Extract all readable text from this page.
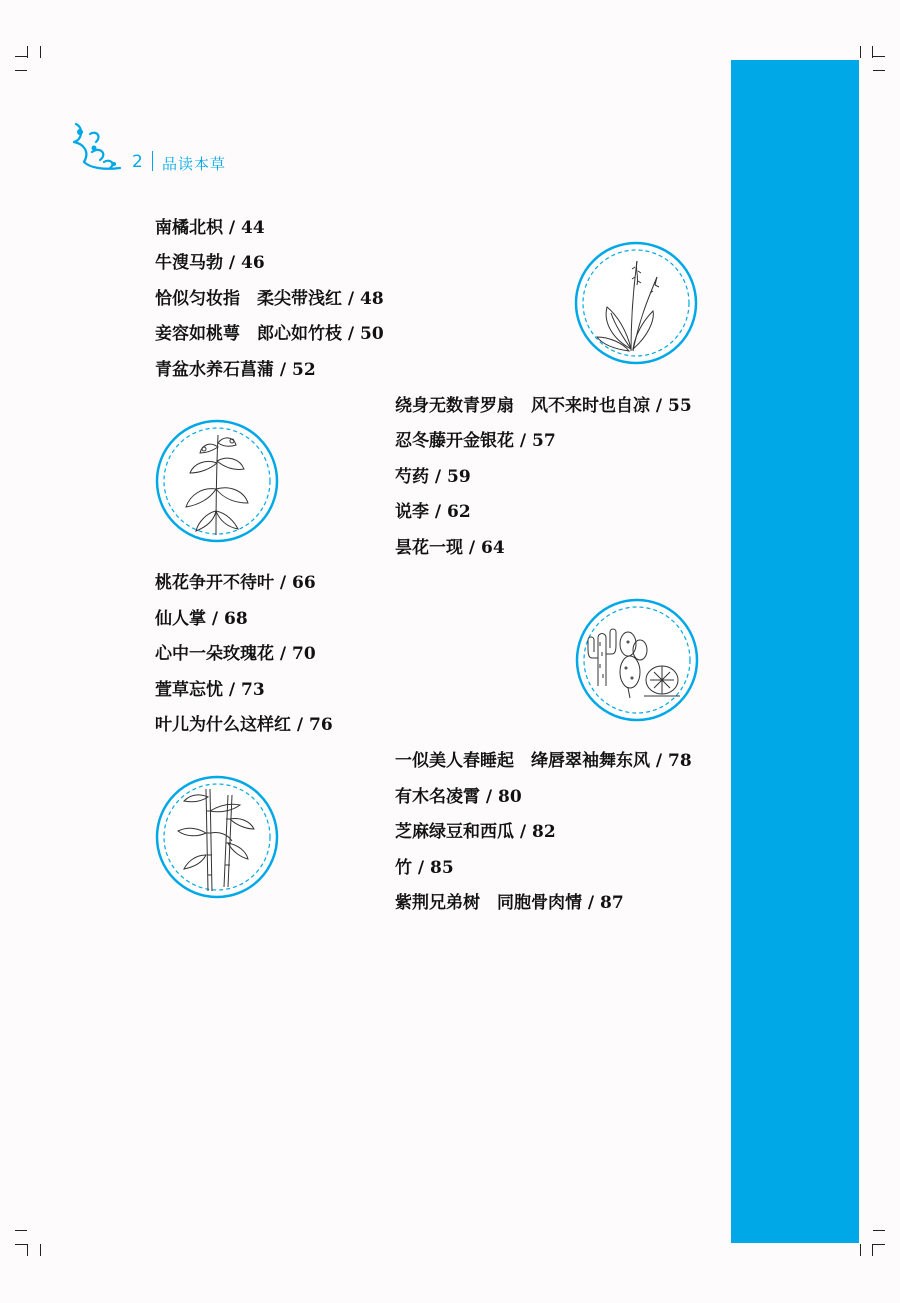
2 品读本草
南橘北枳 / 44
牛溲马勃 / 46
恰似匀妆指　柔尖带浅红 / 48
妾容如桃萼　郎心如竹枝 / 50
青盆水养石菖蒲 / 52
绕身无数青罗扇　风不来时也自凉 / 55
忍冬藤开金银花 / 57
芍药 / 59
说李 / 62
昙花一现 / 64
桃花争开不待叶 / 66
仙人掌 / 68
心中一朵玫瑰花 / 70
萱草忘忧 / 73
叶儿为什么这样红 / 76
一似美人春睡起　绛唇翠袖舞东风 / 78
有木名凌霄 / 80
芝麻绿豆和西瓜 / 82
竹 / 85
紫荆兄弟树　同胞骨肉情 / 87
